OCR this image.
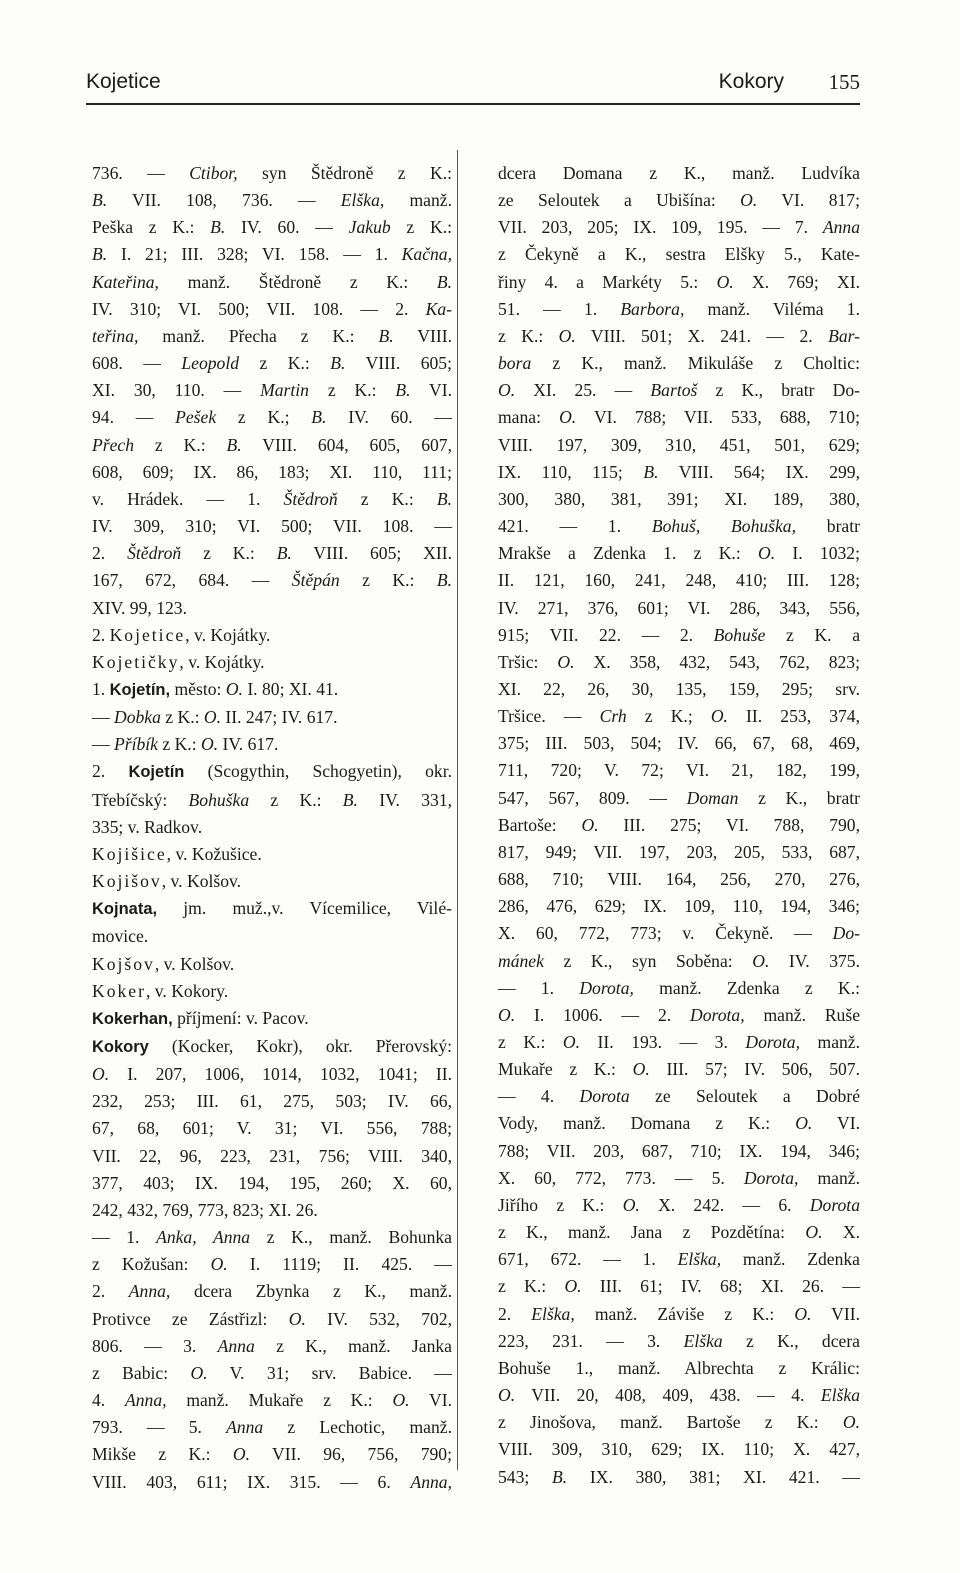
Kojetice	Kokory 155
736. — Ctibor, syn Štědroně z K.:
B. VII. 108, 736. — Elška, manž.
Peška z K.: B. IV. 60. — Jakub z K.:
B. I. 21; III. 328; VI. 158. — 1. Kačna,
Kateřina, manž. Štědroně z K.: B.
IV. 310; VI. 500; VII. 108. — 2. Ka-
teřina, manž. Přecha z K.: B. VIII.
608. — Leopold z K.: B. VIII. 605;
XI. 30, 110. — Martin z K.: B. VI.
94. — Pešek z K.; B. IV. 60. —
Přech z K.: B. VIII. 604, 605, 607,
608, 609; IX. 86, 183; XI. 110, 111;
v. Hrádek. — 1. Štědroň z K.: B.
IV. 309, 310; VI. 500; VII. 108. —
2. Štědroň z K.: B. VIII. 605; XII.
167, 672, 684. — Štěpán z K.: B.
XIV. 99, 123.
2. Kojetice, v. Kojátky.
Kojetičky, v. Kojátky.
1. Kojetín, město: O. I. 80; XI. 41.
— Dobka z K.: O. II. 247; IV. 617.
— Příbík z K.: O. IV. 617.
2. Kojetín (Scogythin, Schogyetin), okr.
Třebíčský: Bohuška z K.: B. IV. 331,
335; v. Radkov.
Kojišice, v. Kožušice.
Kojišov, v. Kolšov.
Kojnata, jm. muž.,v. Vícemilice, Vilé-
movice.
Kojšov, v. Kolšov.
Koker, v. Kokory.
Kokerhan, příjmení: v. Pacov.
Kokory (Kocker, Kokr), okr. Přerovský:
O. I. 207, 1006, 1014, 1032, 1041; II.
232, 253; III. 61, 275, 503; IV. 66,
67, 68, 601; V. 31; VI. 556, 788;
VII. 22, 96, 223, 231, 756; VIII. 340,
377, 403; IX. 194, 195, 260; X. 60,
242, 432, 769, 773, 823; XI. 26.
— 1. Anka, Anna z K., manž. Bohunka
z Kožušan: O. I. 1119; II. 425. —
2. Anna, dcera Zbynka z K., manž.
Protivce ze Zástřizl: O. IV. 532, 702,
806. — 3. Anna z K., manž. Janka
z Babic: O. V. 31; srv. Babice. —
4. Anna, manž. Mukaře z K.: O. VI.
793. — 5. Anna z Lechotic, manž.
Mikše z K.: O. VII. 96, 756, 790;
VIII. 403, 611; IX. 315. — 6. Anna,
dcera Domana z K., manž. Ludvíka
ze Seloutek a Ubišína: O. VI. 817;
VII. 203, 205; IX. 109, 195. — 7. Anna
z Čekyně a K., sestra Elšky 5., Kate-
řiny 4. a Markéty 5.: O. X. 769; XI.
51. — 1. Barbora, manž. Viléma 1.
z K.: O. VIII. 501; X. 241. — 2. Bar-
bora z K., manž. Mikuláše z Choltic:
O. XI. 25. — Bartoš z K., bratr Do-
mana: O. VI. 788; VII. 533, 688, 710;
VIII. 197, 309, 310, 451, 501, 629;
IX. 110, 115; B. VIII. 564; IX. 299,
300, 380, 381, 391; XI. 189, 380,
421. — 1. Bohuš, Bohuška, bratr
Mrakše a Zdenka 1. z K.: O. I. 1032;
II. 121, 160, 241, 248, 410; III. 128;
IV. 271, 376, 601; VI. 286, 343, 556,
915; VII. 22. — 2. Bohuše z K. a
Tršic: O. X. 358, 432, 543, 762, 823;
XI. 22, 26, 30, 135, 159, 295; srv.
Tršice. — Crh z K.; O. II. 253, 374,
375; III. 503, 504; IV. 66, 67, 68, 469,
711, 720; V. 72; VI. 21, 182, 199,
547, 567, 809. — Doman z K., bratr
Bartoše: O. III. 275; VI. 788, 790,
817, 949; VII. 197, 203, 205, 533, 687,
688, 710; VIII. 164, 256, 270, 276,
286, 476, 629; IX. 109, 110, 194, 346;
X. 60, 772, 773; v. Čekyně. — Do-
mánek z K., syn Soběna: O. IV. 375.
— 1. Dorota, manž. Zdenka z K.:
O. I. 1006. — 2. Dorota, manž. Ruše
z K.: O. II. 193. — 3. Dorota, manž.
Mukaře z K.: O. III. 57; IV. 506, 507.
— 4. Dorota ze Seloutek a Dobré
Vody, manž. Domana z K.: O. VI.
788; VII. 203, 687, 710; IX. 194, 346;
X. 60, 772, 773. — 5. Dorota, manž.
Jiřího z K.: O. X. 242. — 6. Dorota
z K., manž. Jana z Pozdětína: O. X.
671, 672. — 1. Elška, manž. Zdenka
z K.: O. III. 61; IV. 68; XI. 26. —
2. Elška, manž. Záviše z K.: O. VII.
223, 231. — 3. Elška z K., dcera
Bohuše 1., manž. Albrechta z Králic:
O. VII. 20, 408, 409, 438. — 4. Elška
z Jinošova, manž. Bartoše z K.: O.
VIII. 309, 310, 629; IX. 110; X. 427,
543; B. IX. 380, 381; XI. 421. —
